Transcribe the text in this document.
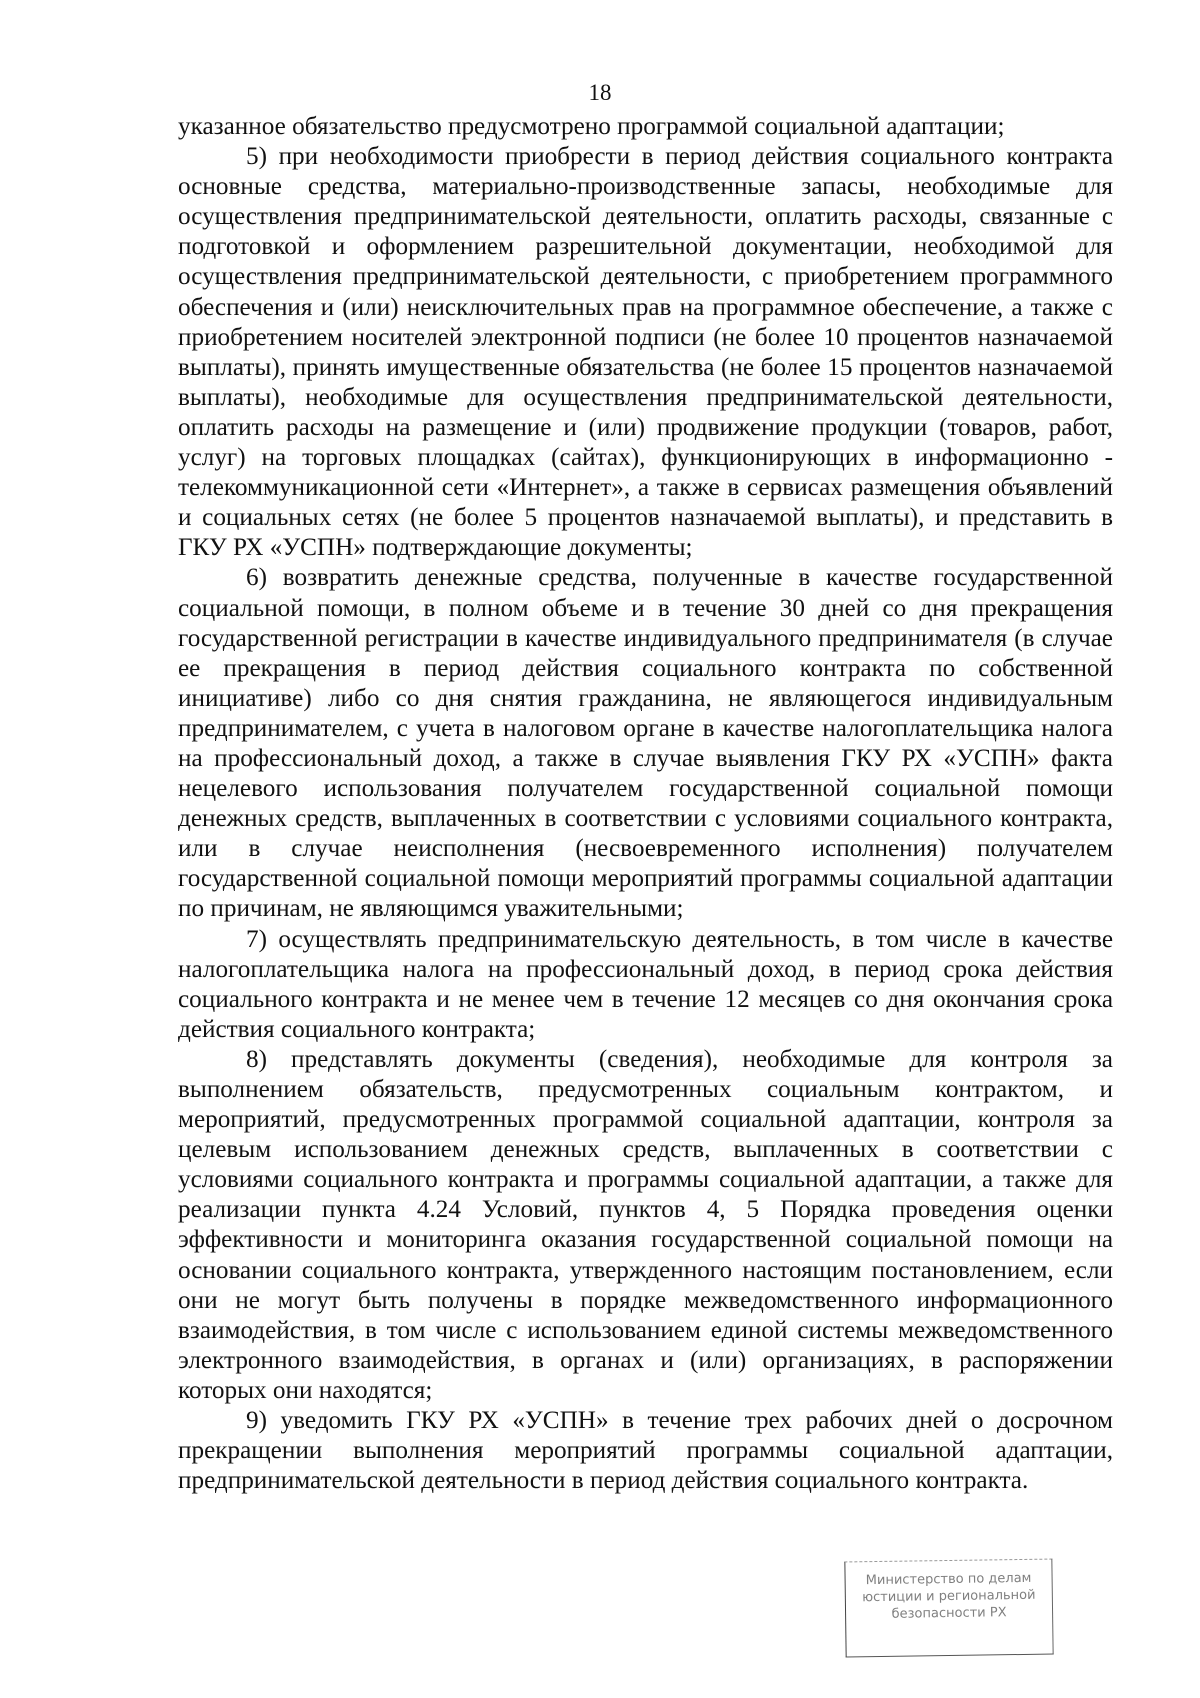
18

указанное обязательство предусмотрено программой социальной адаптации;

5) при необходимости приобрести в период действия социального контракта основные средства, материально-производственные запасы, необходимые для осуществления предпринимательской деятельности, оплатить расходы, связанные с подготовкой и оформлением разрешительной документации, необходимой для осуществления предпринимательской деятельности, с приобретением программного обеспечения и (или) неисключительных прав на программное обеспечение, а также с приобретением носителей электронной подписи (не более 10 процентов назначаемой выплаты), принять имущественные обязательства (не более 15 процентов назначаемой выплаты), необходимые для осуществления предпринимательской деятельности, оплатить расходы на размещение и (или) продвижение продукции (товаров, работ, услуг) на торговых площадках (сайтах), функционирующих в информационно - телекоммуникационной сети «Интернет», а также в сервисах размещения объявлений и социальных сетях (не более 5 процентов назначаемой выплаты), и представить в ГКУ РХ «УСПН» подтверждающие документы;

6) возвратить денежные средства, полученные в качестве государственной социальной помощи, в полном объеме и в течение 30 дней со дня прекращения государственной регистрации в качестве индивидуального предпринимателя (в случае ее прекращения в период действия социального контракта по собственной инициативе) либо со дня снятия гражданина, не являющегося индивидуальным предпринимателем, с учета в налоговом органе в качестве налогоплательщика налога на профессиональный доход, а также в случае выявления ГКУ РХ «УСПН» факта нецелевого использования получателем государственной социальной помощи денежных средств, выплаченных в соответствии с условиями социального контракта, или в случае неисполнения (несвоевременного исполнения) получателем государственной социальной помощи мероприятий программы социальной адаптации по причинам, не являющимся уважительными;

7) осуществлять предпринимательскую деятельность, в том числе в качестве налогоплательщика налога на профессиональный доход, в период срока действия социального контракта и не менее чем в течение 12 месяцев со дня окончания срока действия социального контракта;

8) представлять документы (сведения), необходимые для контроля за выполнением обязательств, предусмотренных социальным контрактом, и мероприятий, предусмотренных программой социальной адаптации, контроля за целевым использованием денежных средств, выплаченных в соответствии с условиями социального контракта и программы социальной адаптации, а также для реализации пункта 4.24 Условий, пунктов 4, 5 Порядка проведения оценки эффективности и мониторинга оказания государственной социальной помощи на основании социального контракта, утвержденного настоящим постановлением, если они не могут быть получены в порядке межведомственного информационного взаимодействия, в том числе с использованием единой системы межведомственного электронного взаимодействия, в органах и (или) организациях, в распоряжении которых они находятся;

9) уведомить ГКУ РХ «УСПН» в течение трех рабочих дней о досрочном прекращении выполнения мероприятий программы социальной адаптации, предпринимательской деятельности в период действия социального контракта.

Министерство по делам
юстиции и региональной
безопасности РХ
